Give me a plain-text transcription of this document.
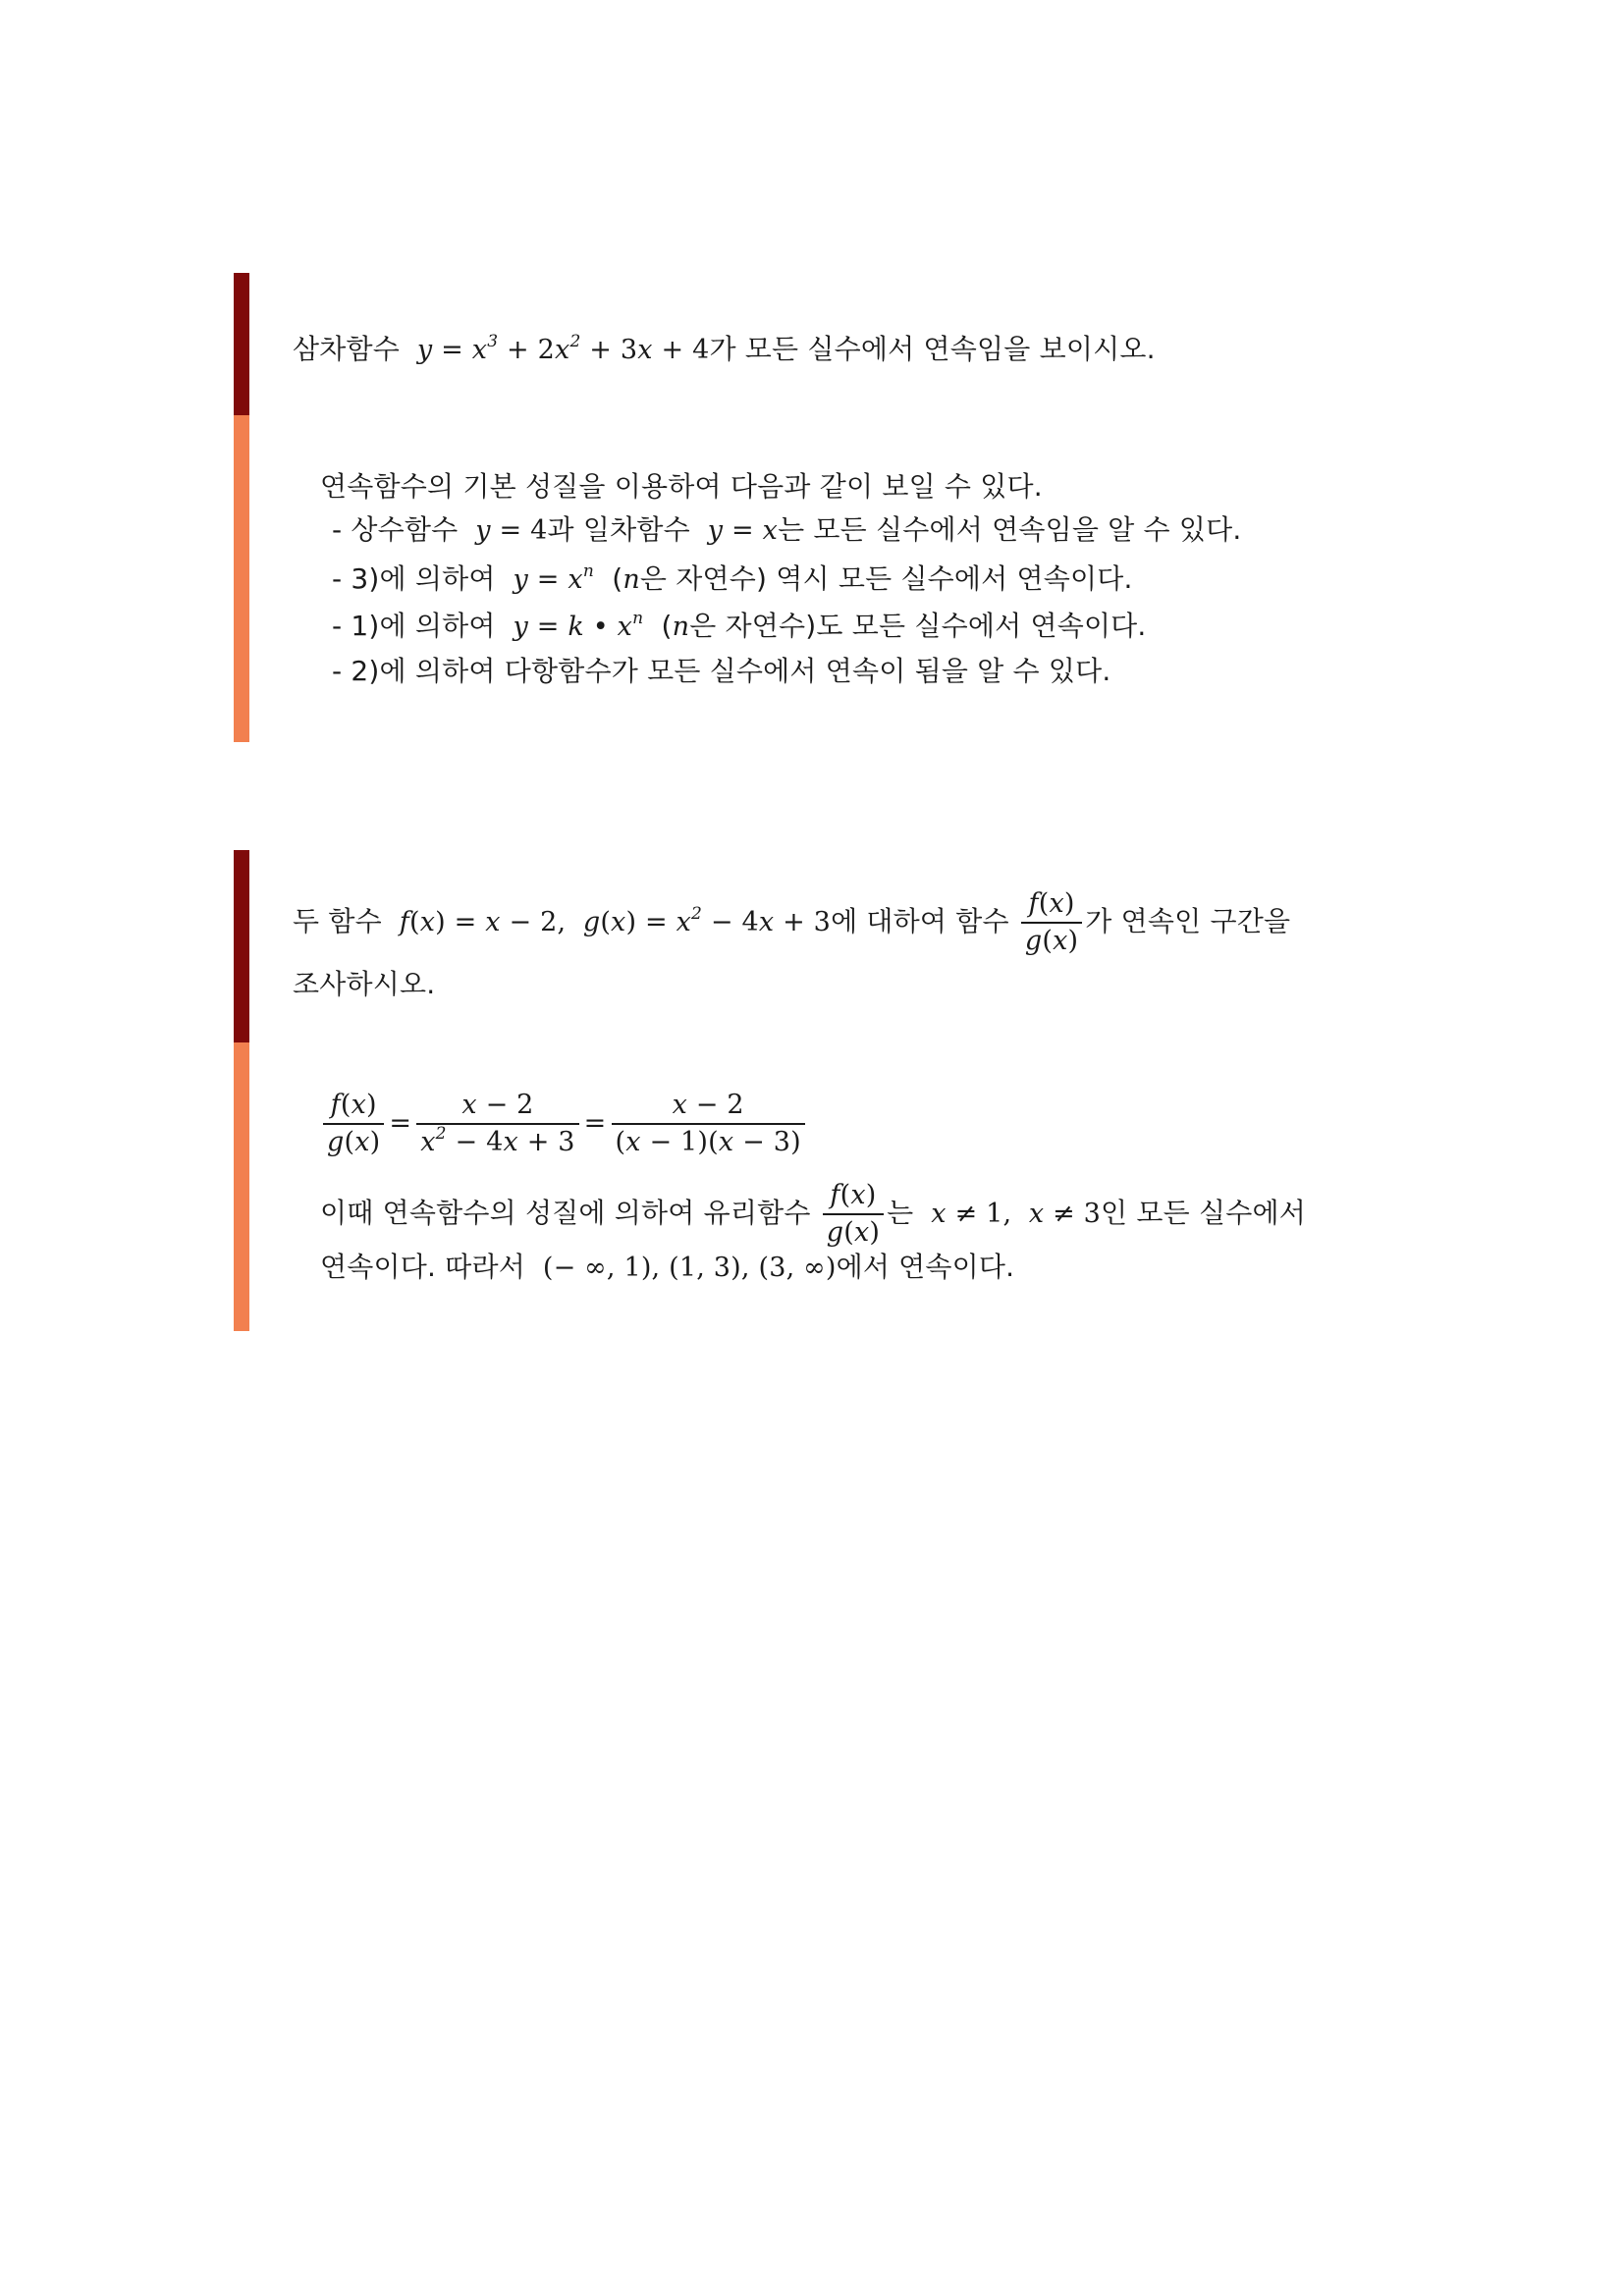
삼차함수  $y = x^3 + 2x^2 + 3x + 4$가 모든 실수에서 연속임을 보이시오.
연속함수의 기본 성질을 이용하여 다음과 같이 보일 수 있다.
- 상수함수  y = 4과 일차함수  y = x는 모든 실수에서 연속임을 알 수 있다.
- 3)에 의하여  $y = x^n$ (n은 자연수) 역시 모든 실수에서 연속이다.
- 1)에 의하여  y = k • $x^n$ (n은 자연수)도 모든 실수에서 연속이다.
- 2)에 의하여 다항함수가 모든 실수에서 연속이 됨을 알 수 있다.
두 함수  f(x) = x − 2,  $g(x) = x^2 - 4x + 3$에 대하여 함수 $\frac{f(x)}{g(x)}$ 가 연속인 구간을
조사하시오.
$\frac{f(x)}{g(x)} = \frac{x - 2}{x^2 - 4x + 3} = \frac{x - 2}{(x - 1)(x - 3)}$
이때 연속함수의 성질에 의하여 유리함수 $\frac{f(x)}{g(x)}$ 는  x ≠ 1,  x ≠ 3인 모든 실수에서
연속이다. 따라서  (− ∞, 1), (1, 3), (3, ∞)에서 연속이다.
